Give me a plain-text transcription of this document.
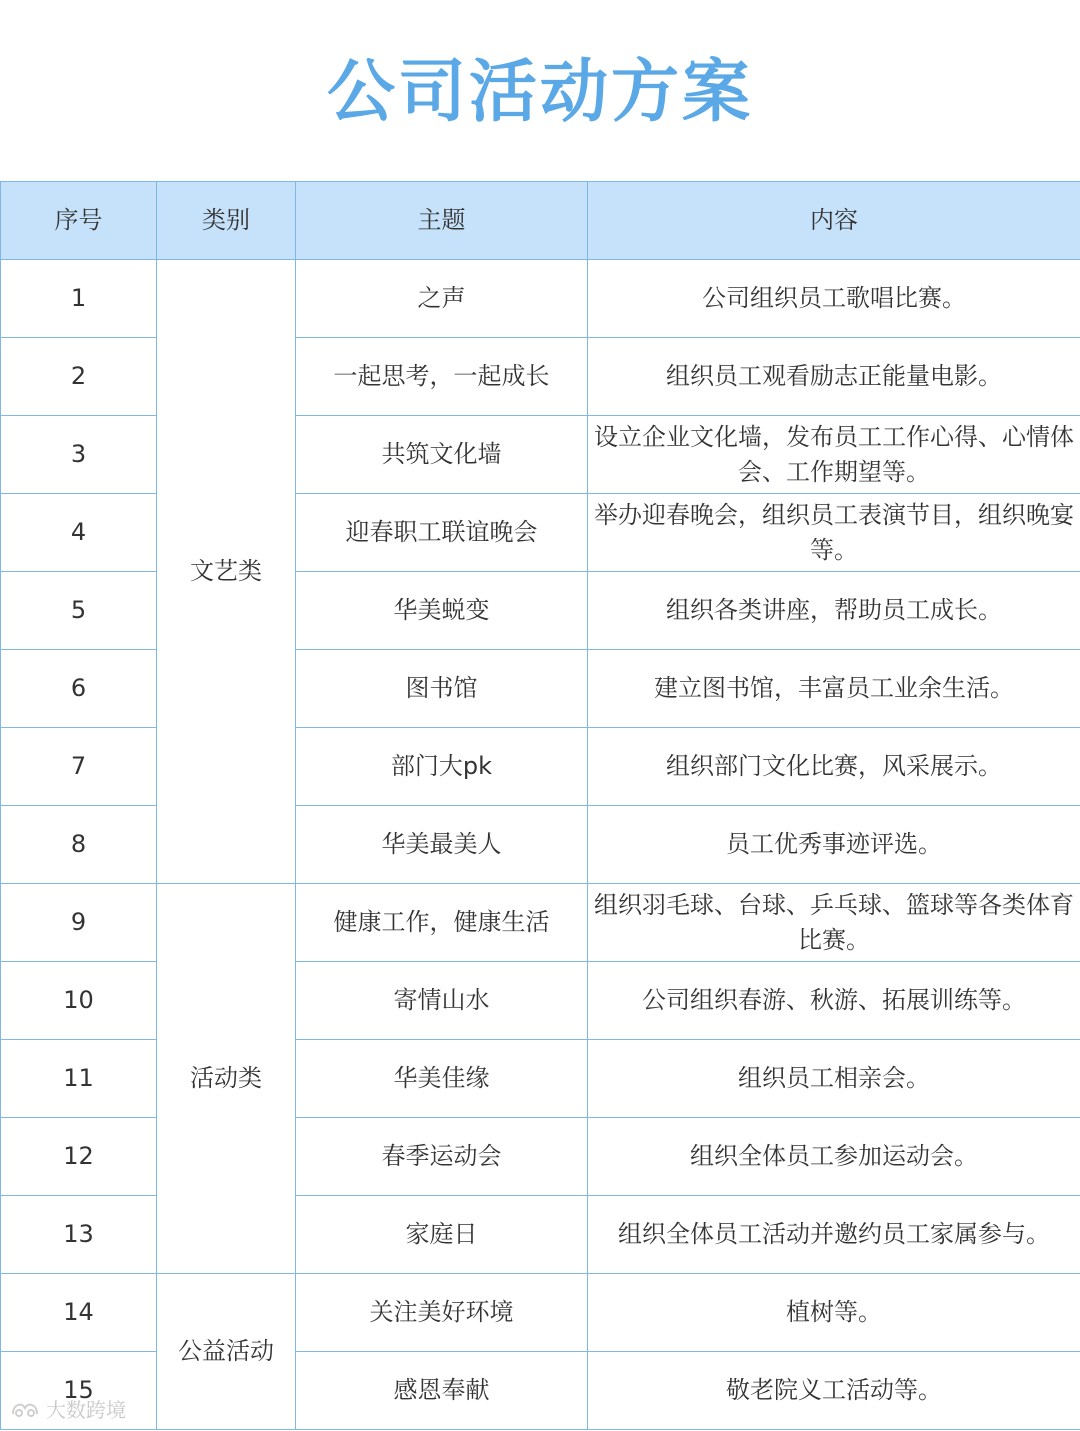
公司活动方案
序号	类别	主题	内容
1	文艺类	之声	公司组织员工歌唱比赛。
2		一起思考，一起成长	组织员工观看励志正能量电影。
3		共筑文化墙	设立企业文化墙，发布员工工作心得、心情体会、工作期望等。
4		迎春职工联谊晚会	举办迎春晚会，组织员工表演节目，组织晚宴等。
5		华美蜕变	组织各类讲座，帮助员工成长。
6		图书馆	建立图书馆，丰富员工业余生活。
7		部门大pk	组织部门文化比赛，风采展示。
8		华美最美人	员工优秀事迹评选。
9	活动类	健康工作，健康生活	组织羽毛球、台球、乒乓球、篮球等各类体育比赛。
10		寄情山水	公司组织春游、秋游、拓展训练等。
11		华美佳缘	组织员工相亲会。
12		春季运动会	组织全体员工参加运动会。
13		家庭日	组织全体员工活动并邀约员工家属参与。
14	公益活动	关注美好环境	植树等。
15		感恩奉献	敬老院义工活动等。
大数跨境
